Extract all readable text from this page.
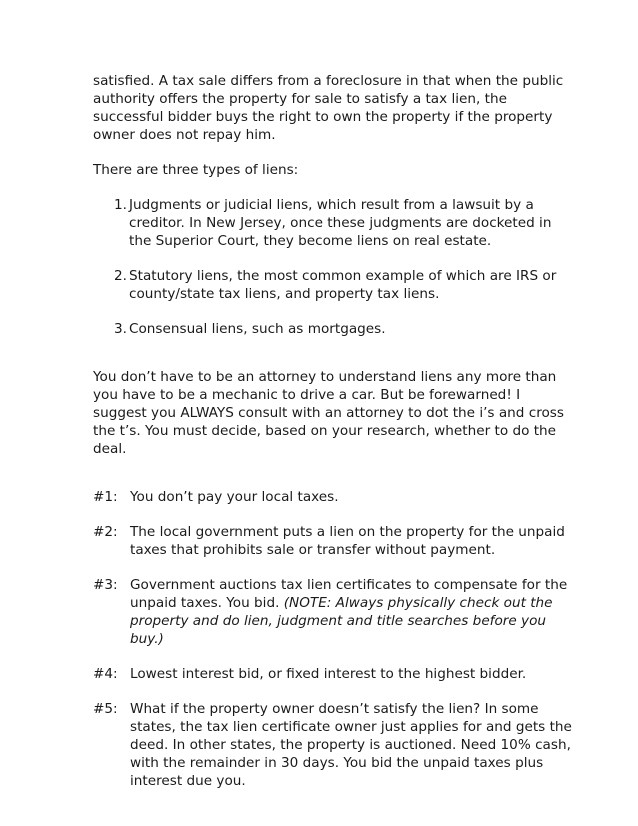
satisfied. A tax sale differs from a foreclosure in that when the public
authority offers the property for sale to satisfy a tax lien, the
successful bidder buys the right to own the property if the property
owner does not repay him.

There are three types of liens:

1. Judgments or judicial liens, which result from a lawsuit by a
creditor. In New Jersey, once these judgments are docketed in
the Superior Court, they become liens on real estate.
2. Statutory liens, the most common example of which are IRS or
county/state tax liens, and property tax liens.
3. Consensual liens, such as mortgages.

You don’t have to be an attorney to understand liens any more than
you have to be a mechanic to drive a car. But be forewarned! I
suggest you ALWAYS consult with an attorney to dot the i’s and cross
the t’s. You must decide, based on your research, whether to do the
deal.

#1: You don’t pay your local taxes.
#2: The local government puts a lien on the property for the unpaid
taxes that prohibits sale or transfer without payment.
#3: Government auctions tax lien certificates to compensate for the
unpaid taxes. You bid. (NOTE: Always physically check out the
property and do lien, judgment and title searches before you
buy.)
#4: Lowest interest bid, or fixed interest to the highest bidder.
#5: What if the property owner doesn’t satisfy the lien? In some
states, the tax lien certificate owner just applies for and gets the
deed. In other states, the property is auctioned. Need 10% cash,
with the remainder in 30 days. You bid the unpaid taxes plus
interest due you.
